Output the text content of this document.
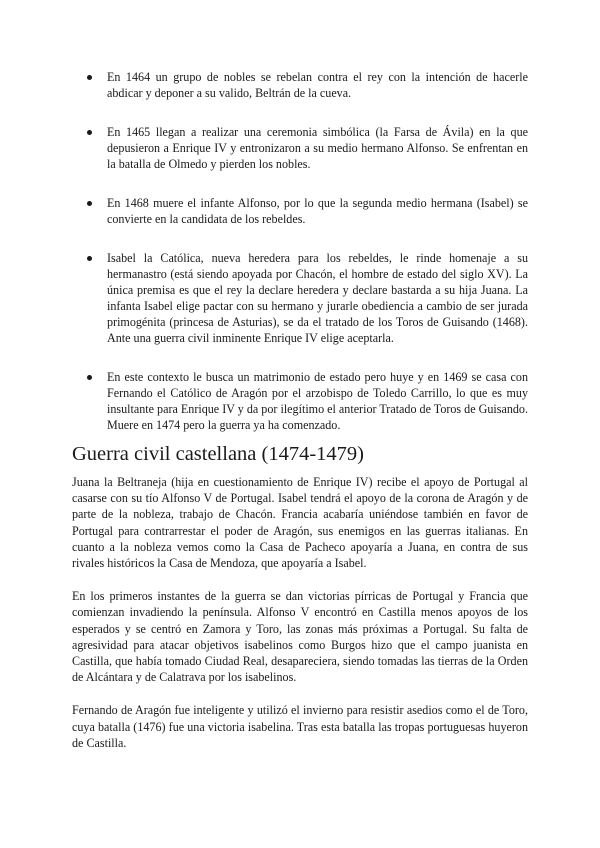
En 1464 un grupo de nobles se rebelan contra el rey con la intención de hacerle abdicar y deponer a su valido, Beltrán de la cueva.
En 1465 llegan a realizar una ceremonia simbólica (la Farsa de Ávila) en la que depusieron a Enrique IV y entronizaron a su medio hermano Alfonso. Se enfrentan en la batalla de Olmedo y pierden los nobles.
En 1468 muere el infante Alfonso, por lo que la segunda medio hermana (Isabel) se convierte en la candidata de los rebeldes.
Isabel la Católica, nueva heredera para los rebeldes, le rinde homenaje a su hermanastro (está siendo apoyada por Chacón, el hombre de estado del siglo XV). La única premisa es que el rey la declare heredera y declare bastarda a su hija Juana. La infanta Isabel elige pactar con su hermano y jurarle obediencia a cambio de ser jurada primogénita (princesa de Asturias), se da el tratado de los Toros de Guisando (1468). Ante una guerra civil inminente Enrique IV elige aceptarla.
En este contexto le busca un matrimonio de estado pero huye y en 1469 se casa con Fernando el Católico de Aragón por el arzobispo de Toledo Carrillo, lo que es muy insultante para Enrique IV y da por ilegítimo el anterior Tratado de Toros de Guisando. Muere en 1474 pero la guerra ya ha comenzado.
Guerra civil castellana (1474-1479)

Juana la Beltraneja (hija en cuestionamiento de Enrique IV) recibe el apoyo de Portugal al casarse con su tío Alfonso V de Portugal. Isabel tendrá el apoyo de la corona de Aragón y de parte de la nobleza, trabajo de Chacón. Francia acabaría uniéndose también en favor de Portugal para contrarrestar el poder de Aragón, sus enemigos en las guerras italianas. En cuanto a la nobleza vemos como la Casa de Pacheco apoyaría a Juana, en contra de sus rivales históricos la Casa de Mendoza, que apoyaría a Isabel.

En los primeros instantes de la guerra se dan victorias pírricas de Portugal y Francia que comienzan invadiendo la península. Alfonso V encontró en Castilla menos apoyos de los esperados y se centró en Zamora y Toro, las zonas más próximas a Portugal. Su falta de agresividad para atacar objetivos isabelinos como Burgos hizo que el campo juanista en Castilla, que había tomado Ciudad Real, desapareciera, siendo tomadas las tierras de la Orden de Alcántara y de Calatrava por los isabelinos.

Fernando de Aragón fue inteligente y utilizó el invierno para resistir asedios como el de Toro, cuya batalla (1476) fue una victoria isabelina. Tras esta batalla las tropas portuguesas huyeron de Castilla.
